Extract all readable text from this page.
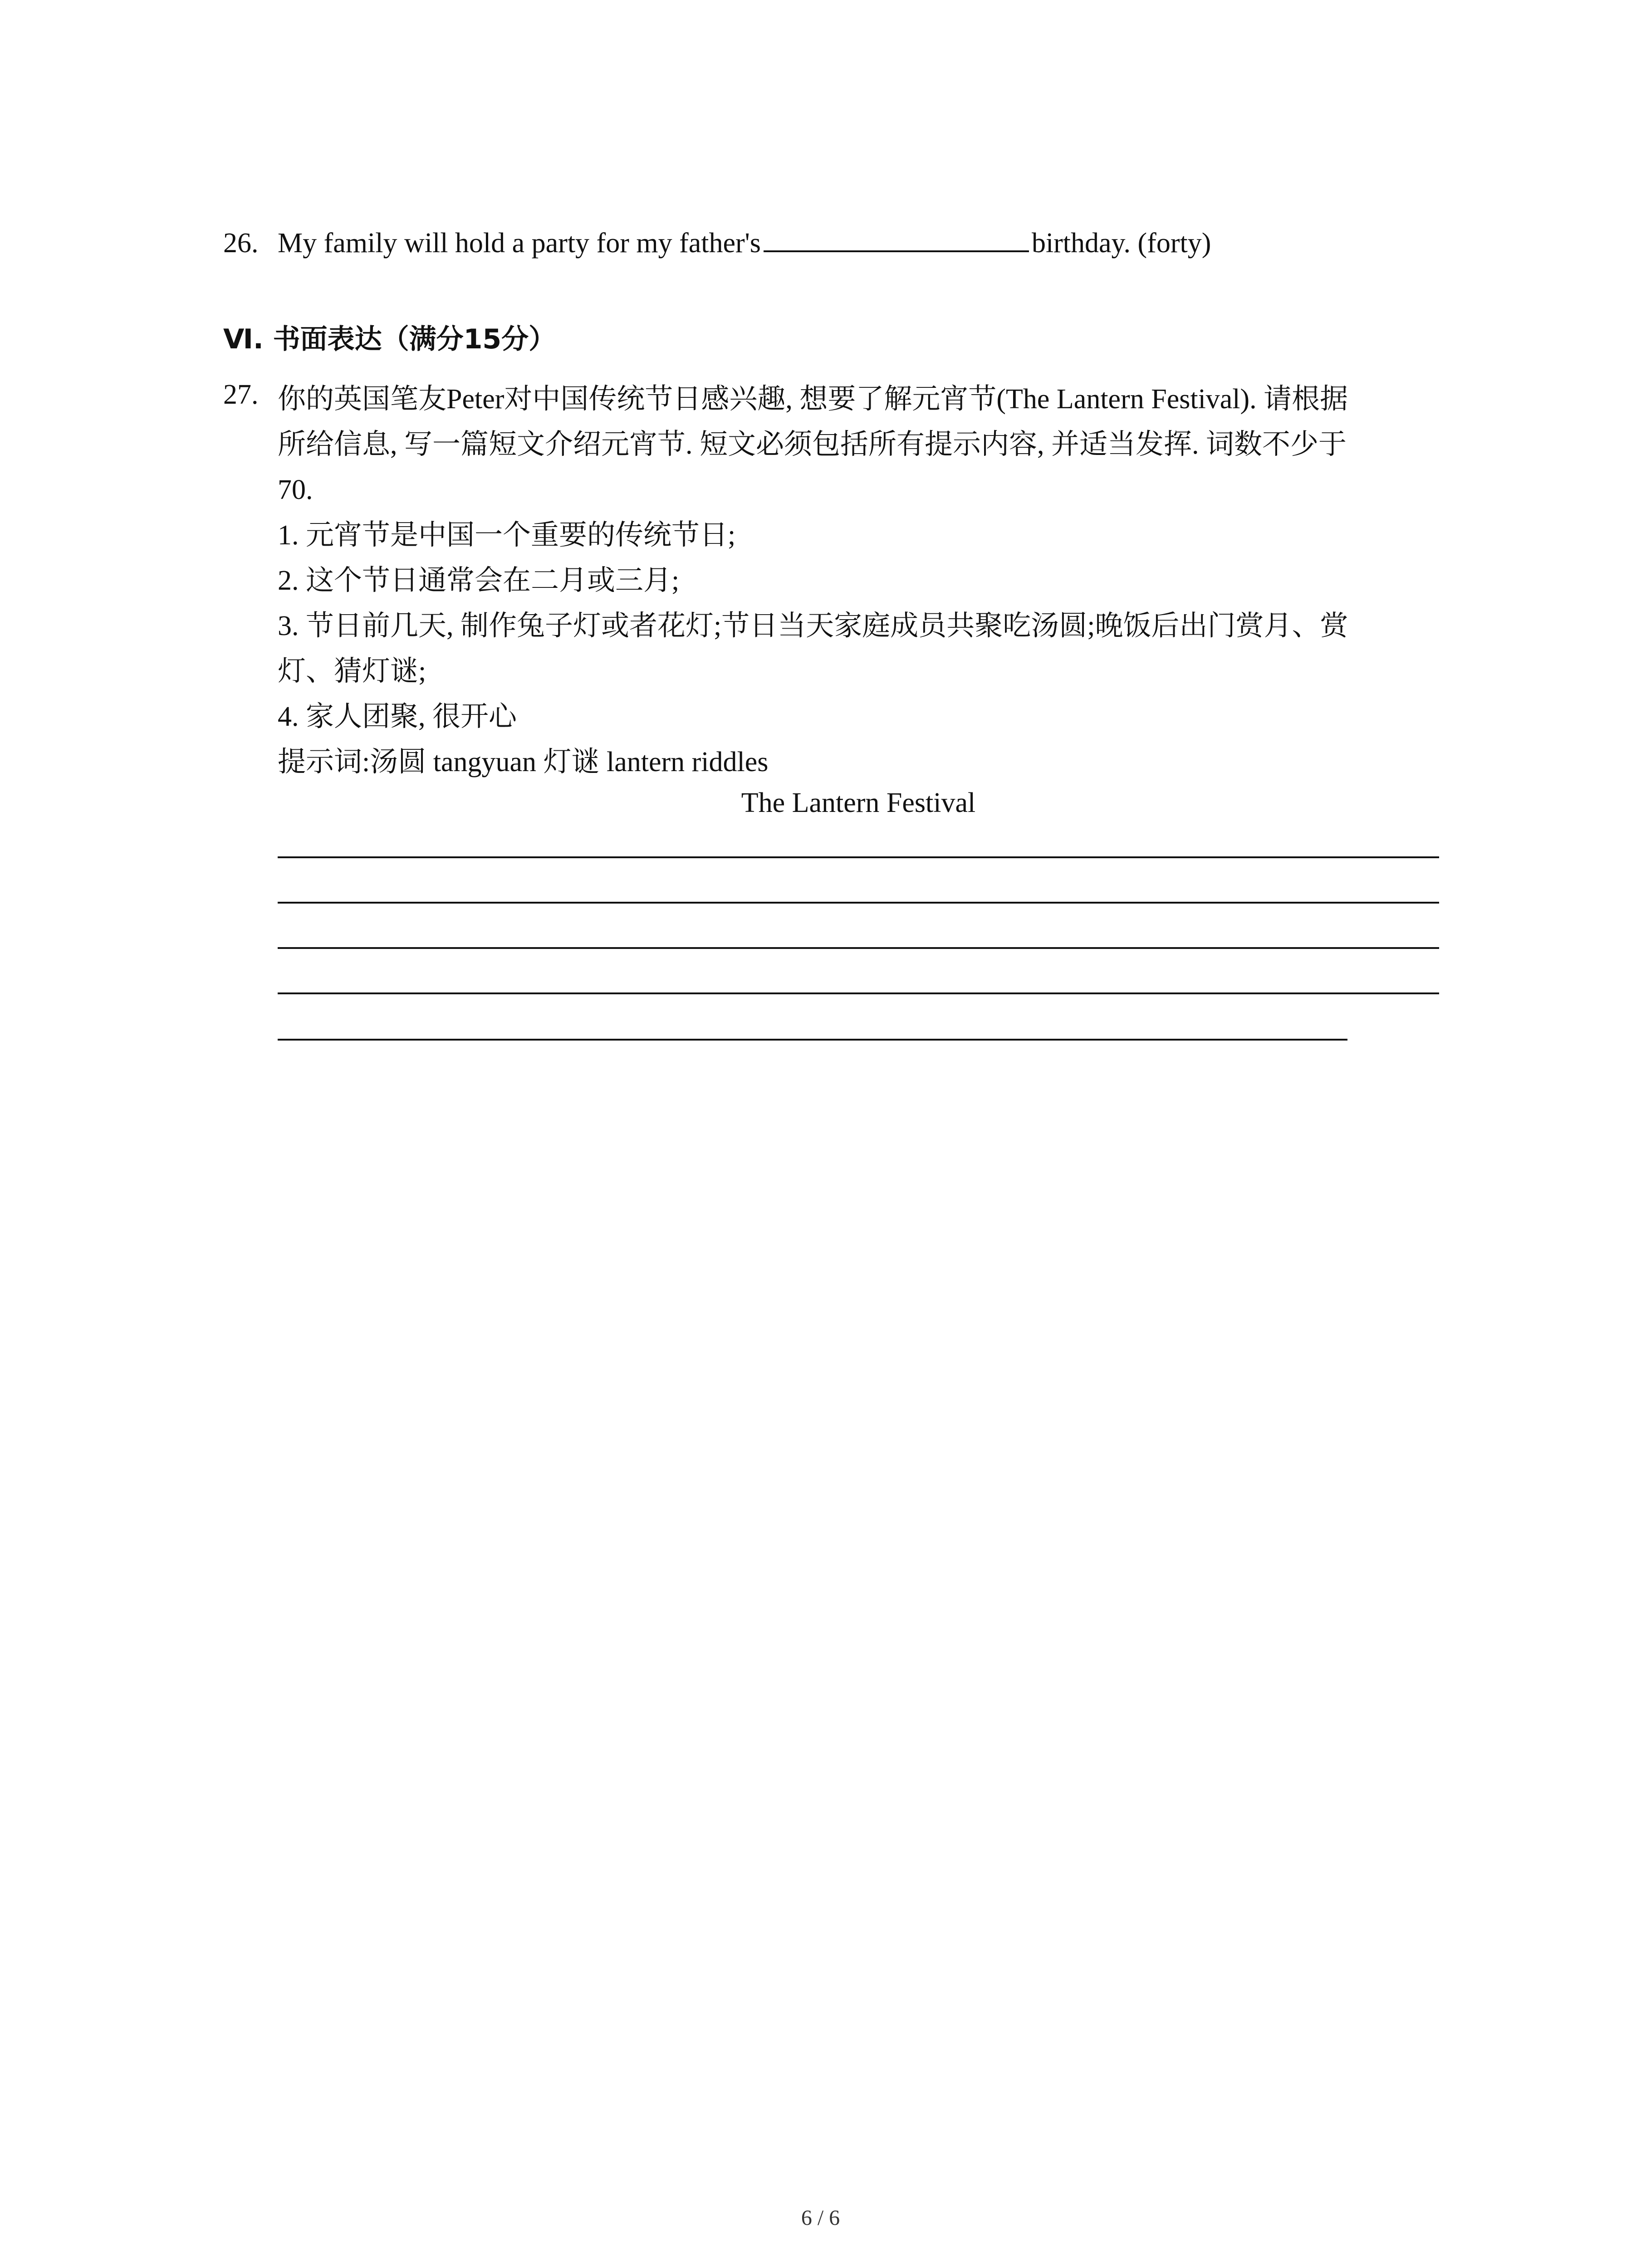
26. My family will hold a party for my father's	birthday. (forty)
Ⅵ. 书面表达（满分15分）
27. 你的英国笔友Peter对中国传统节日感兴趣, 想要了解元宵节(The Lantern Festival). 请根据
所给信息, 写一篇短文介绍元宵节. 短文必须包括所有提示内容, 并适当发挥. 词数不少于
70.
1. 元宵节是中国一个重要的传统节日;
2. 这个节日通常会在二月或三月;
3. 节日前几天, 制作兔子灯或者花灯;节日当天家庭成员共聚吃汤圆;晚饭后出门赏月、赏
灯、猜灯谜;
4. 家人团聚, 很开心
提示词:汤圆 tangyuan 灯谜 lantern riddles
The Lantern Festival
6 / 6
